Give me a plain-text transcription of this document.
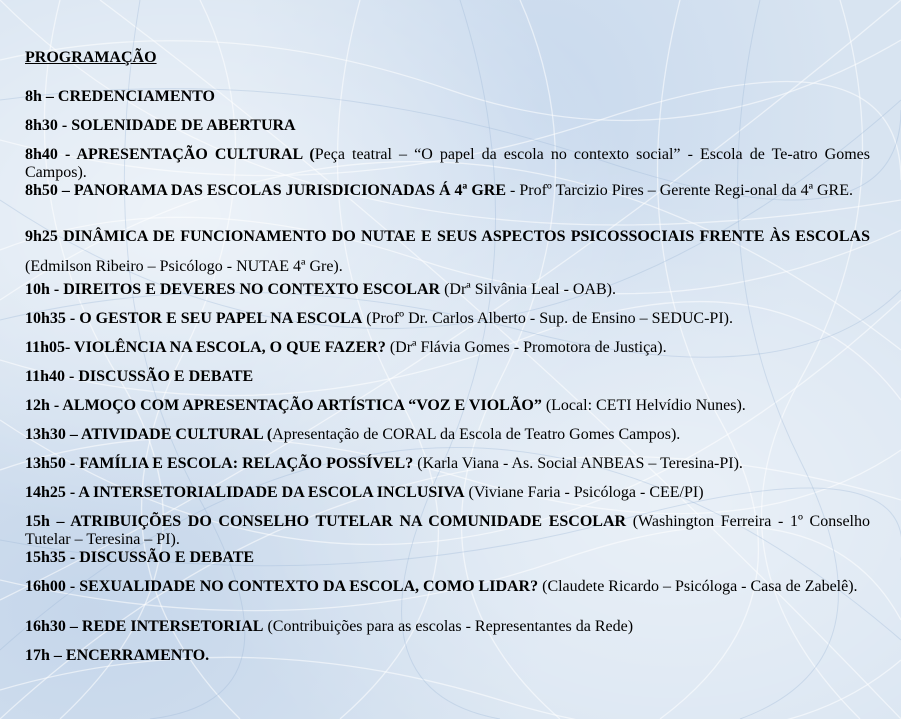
PROGRAMAÇÃO
8h – CREDENCIAMENTO
8h30 - SOLENIDADE DE ABERTURA
8h40 - APRESENTAÇÃO CULTURAL (Peça teatral – “O papel da escola no contexto social” - Escola de Te-atro Gomes Campos).
8h50 – PANORAMA DAS ESCOLAS JURISDICIONADAS Á 4ª GRE - Profº Tarcizio Pires – Gerente Regi-onal da 4ª GRE.
9h25 DINÂMICA DE FUNCIONAMENTO DO NUTAE E SEUS ASPECTOS PSICOSSOCIAIS FRENTE ÀS ESCOLAS (Edmilson Ribeiro – Psicólogo - NUTAE 4ª Gre).
10h - DIREITOS E DEVERES NO CONTEXTO ESCOLAR (Drª Silvânia Leal - OAB).
10h35 - O GESTOR E SEU PAPEL NA ESCOLA (Profº Dr. Carlos Alberto - Sup. de Ensino – SEDUC-PI).
11h05- VIOLÊNCIA NA ESCOLA, O QUE FAZER? (Drª Flávia Gomes - Promotora de Justiça).
11h40 - DISCUSSÃO E DEBATE
12h - ALMOÇO COM APRESENTAÇÃO ARTÍSTICA “VOZ E VIOLÃO” (Local: CETI Helvídio Nunes).
13h30 – ATIVIDADE CULTURAL (Apresentação de CORAL da Escola de Teatro Gomes Campos).
13h50 - FAMÍLIA E ESCOLA: RELAÇÃO POSSÍVEL? (Karla Viana - As. Social ANBEAS – Teresina-PI).
14h25 - A INTERSETORIALIDADE DA ESCOLA INCLUSIVA (Viviane Faria - Psicóloga - CEE/PI)
15h – ATRIBUIÇÕES DO CONSELHO TUTELAR NA COMUNIDADE ESCOLAR (Washington Ferreira - 1º Conselho Tutelar – Teresina – PI).
15h35 - DISCUSSÃO E DEBATE
16h00 - SEXUALIDADE NO CONTEXTO DA ESCOLA, COMO LIDAR? (Claudete Ricardo – Psicóloga - Casa de Zabelê).
16h30 – REDE INTERSETORIAL (Contribuições para as escolas - Representantes da Rede)
17h – ENCERRAMENTO.
